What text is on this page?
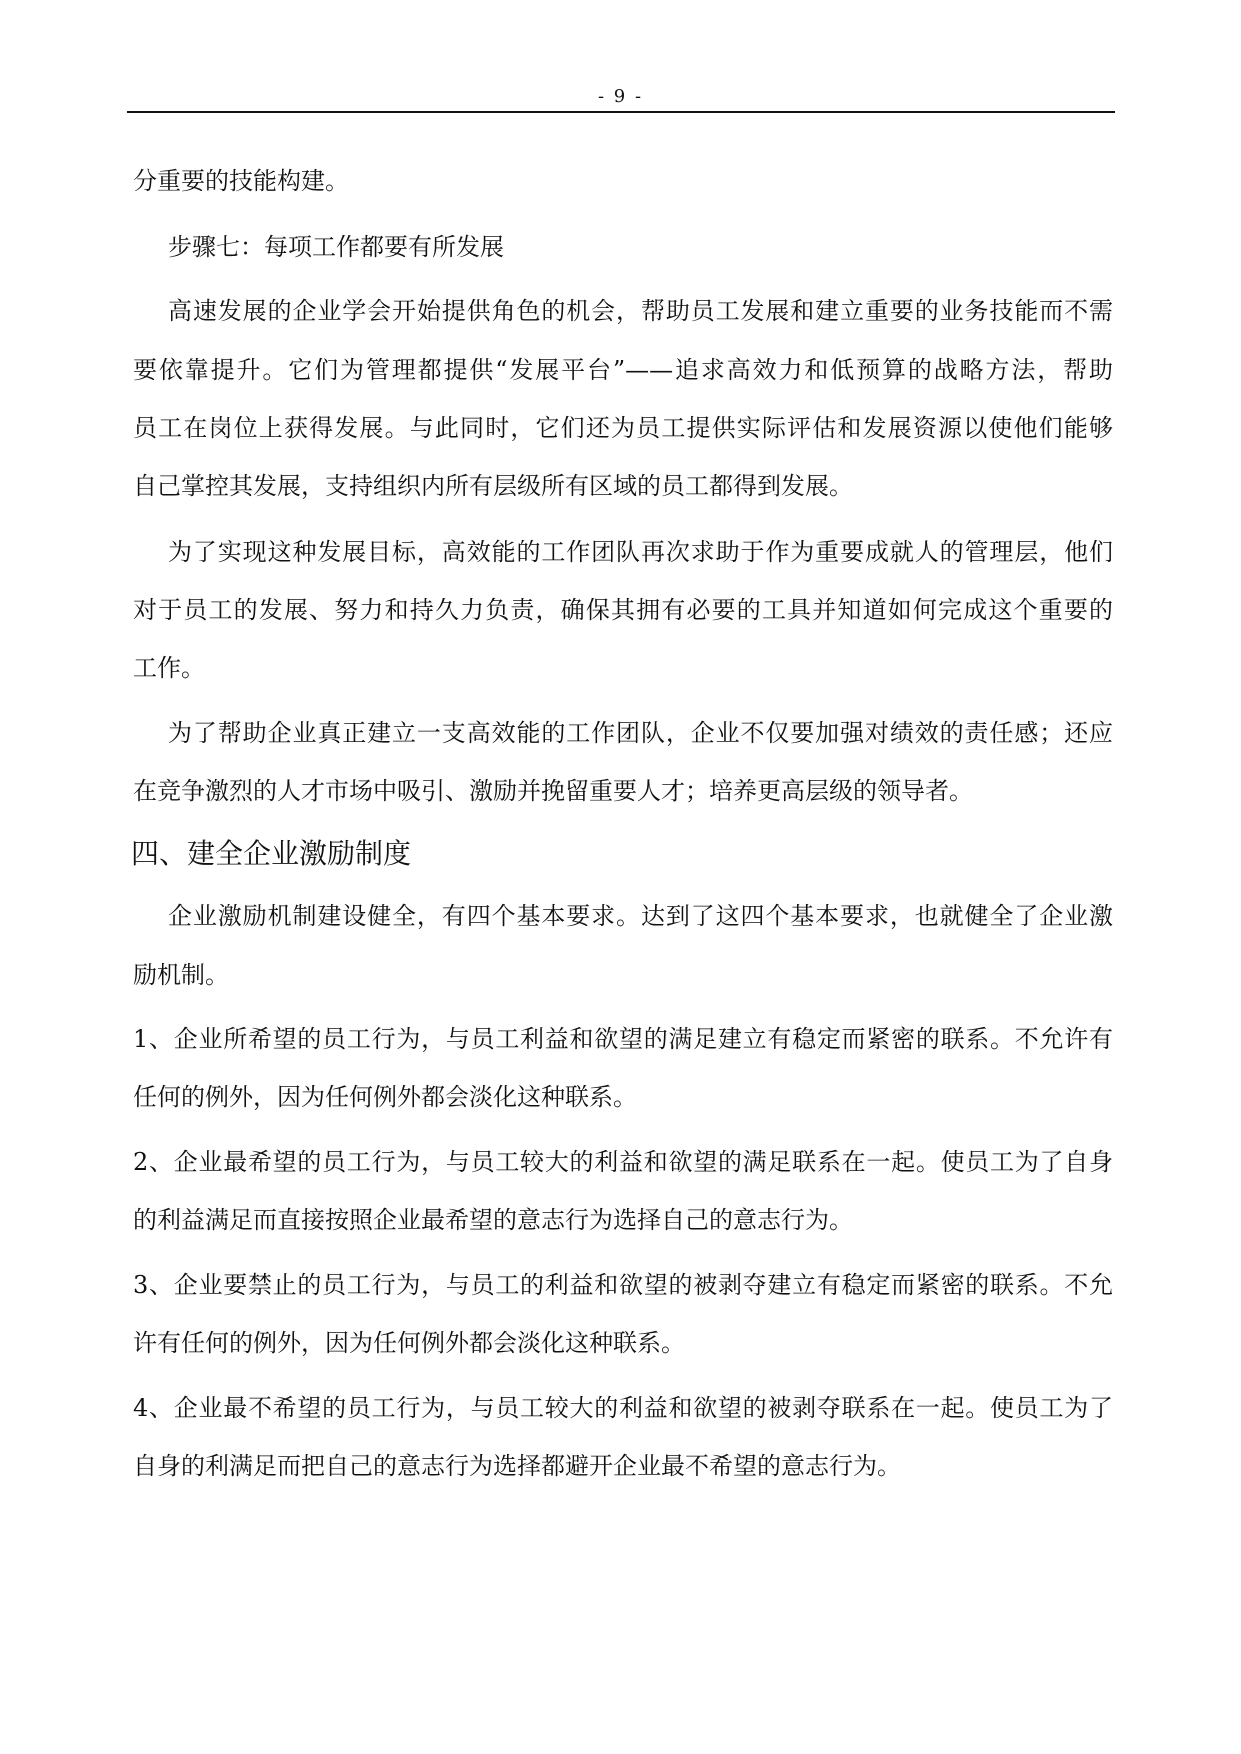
- 9 -
分重要的技能构建。
步骤七：每项工作都要有所发展
高速发展的企业学会开始提供角色的机会，帮助员工发展和建立重要的业务技能而不需
要依靠提升。它们为管理都提供“发展平台”——追求高效力和低预算的战略方法，帮助
员工在岗位上获得发展。与此同时，它们还为员工提供实际评估和发展资源以使他们能够
自己掌控其发展，支持组织内所有层级所有区域的员工都得到发展。
为了实现这种发展目标，高效能的工作团队再次求助于作为重要成就人的管理层，他们
对于员工的发展、努力和持久力负责，确保其拥有必要的工具并知道如何完成这个重要的
工作。
为了帮助企业真正建立一支高效能的工作团队，企业不仅要加强对绩效的责任感；还应
在竞争激烈的人才市场中吸引、激励并挽留重要人才；培养更高层级的领导者。
四、建全企业激励制度
企业激励机制建设健全，有四个基本要求。达到了这四个基本要求，也就健全了企业激
励机制。
1、企业所希望的员工行为，与员工利益和欲望的满足建立有稳定而紧密的联系。不允许有
任何的例外，因为任何例外都会淡化这种联系。
2、企业最希望的员工行为，与员工较大的利益和欲望的满足联系在一起。使员工为了自身
的利益满足而直接按照企业最希望的意志行为选择自己的意志行为。
3、企业要禁止的员工行为，与员工的利益和欲望的被剥夺建立有稳定而紧密的联系。不允
许有任何的例外，因为任何例外都会淡化这种联系。
4、企业最不希望的员工行为，与员工较大的利益和欲望的被剥夺联系在一起。使员工为了
自身的利满足而把自己的意志行为选择都避开企业最不希望的意志行为。
